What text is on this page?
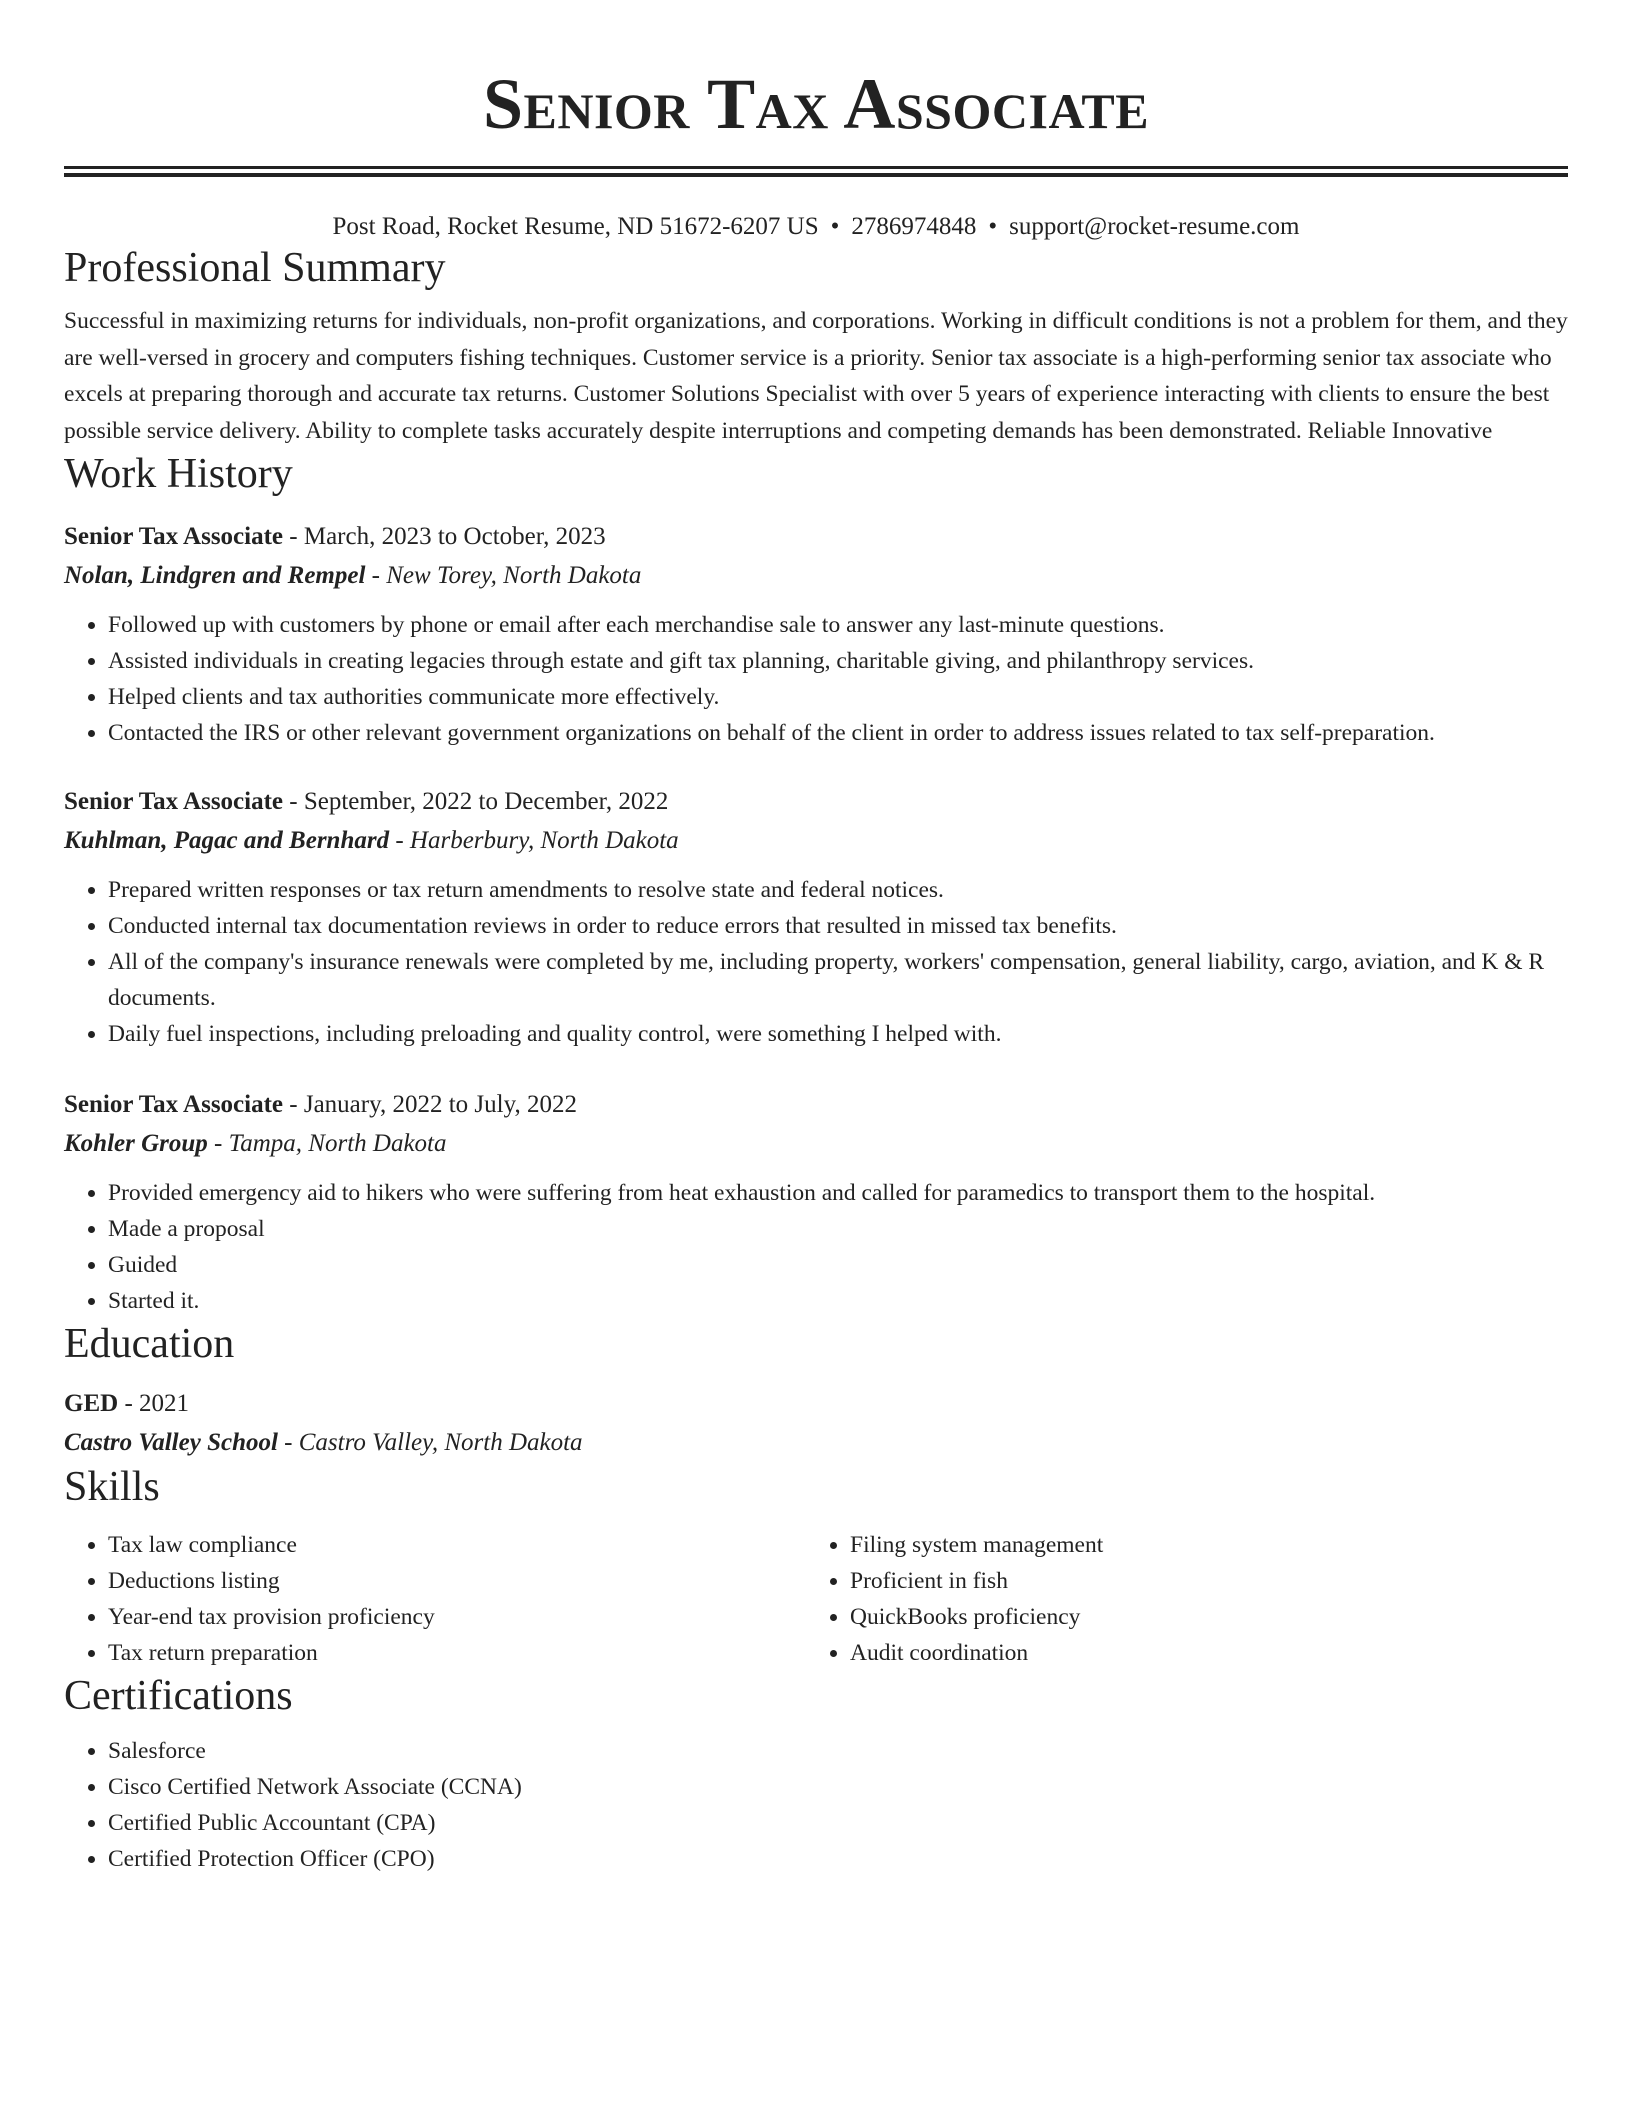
Senior Tax Associate
Post Road, Rocket Resume, ND 51672-6207 US • 2786974848 • support@rocket-resume.com
Professional Summary
Successful in maximizing returns for individuals, non-profit organizations, and corporations. Working in difficult conditions is not a problem for them, and they are well-versed in grocery and computers fishing techniques. Customer service is a priority. Senior tax associate is a high-performing senior tax associate who excels at preparing thorough and accurate tax returns. Customer Solutions Specialist with over 5 years of experience interacting with clients to ensure the best possible service delivery. Ability to complete tasks accurately despite interruptions and competing demands has been demonstrated. Reliable Innovative
Work History
Senior Tax Associate - March, 2023 to October, 2023
Nolan, Lindgren and Rempel - New Torey, North Dakota
• Followed up with customers by phone or email after each merchandise sale to answer any last-minute questions.
• Assisted individuals in creating legacies through estate and gift tax planning, charitable giving, and philanthropy services.
• Helped clients and tax authorities communicate more effectively.
• Contacted the IRS or other relevant government organizations on behalf of the client in order to address issues related to tax self-preparation.
Senior Tax Associate - September, 2022 to December, 2022
Kuhlman, Pagac and Bernhard - Harberbury, North Dakota
• Prepared written responses or tax return amendments to resolve state and federal notices.
• Conducted internal tax documentation reviews in order to reduce errors that resulted in missed tax benefits.
• All of the company's insurance renewals were completed by me, including property, workers' compensation, general liability, cargo, aviation, and K & R documents.
• Daily fuel inspections, including preloading and quality control, were something I helped with.
Senior Tax Associate - January, 2022 to July, 2022
Kohler Group - Tampa, North Dakota
• Provided emergency aid to hikers who were suffering from heat exhaustion and called for paramedics to transport them to the hospital.
• Made a proposal
• Guided
• Started it.
Education
GED - 2021
Castro Valley School - Castro Valley, North Dakota
Skills
• Tax law compliance
• Deductions listing
• Year-end tax provision proficiency
• Tax return preparation
• Filing system management
• Proficient in fish
• QuickBooks proficiency
• Audit coordination
Certifications
• Salesforce
• Cisco Certified Network Associate (CCNA)
• Certified Public Accountant (CPA)
• Certified Protection Officer (CPO)
